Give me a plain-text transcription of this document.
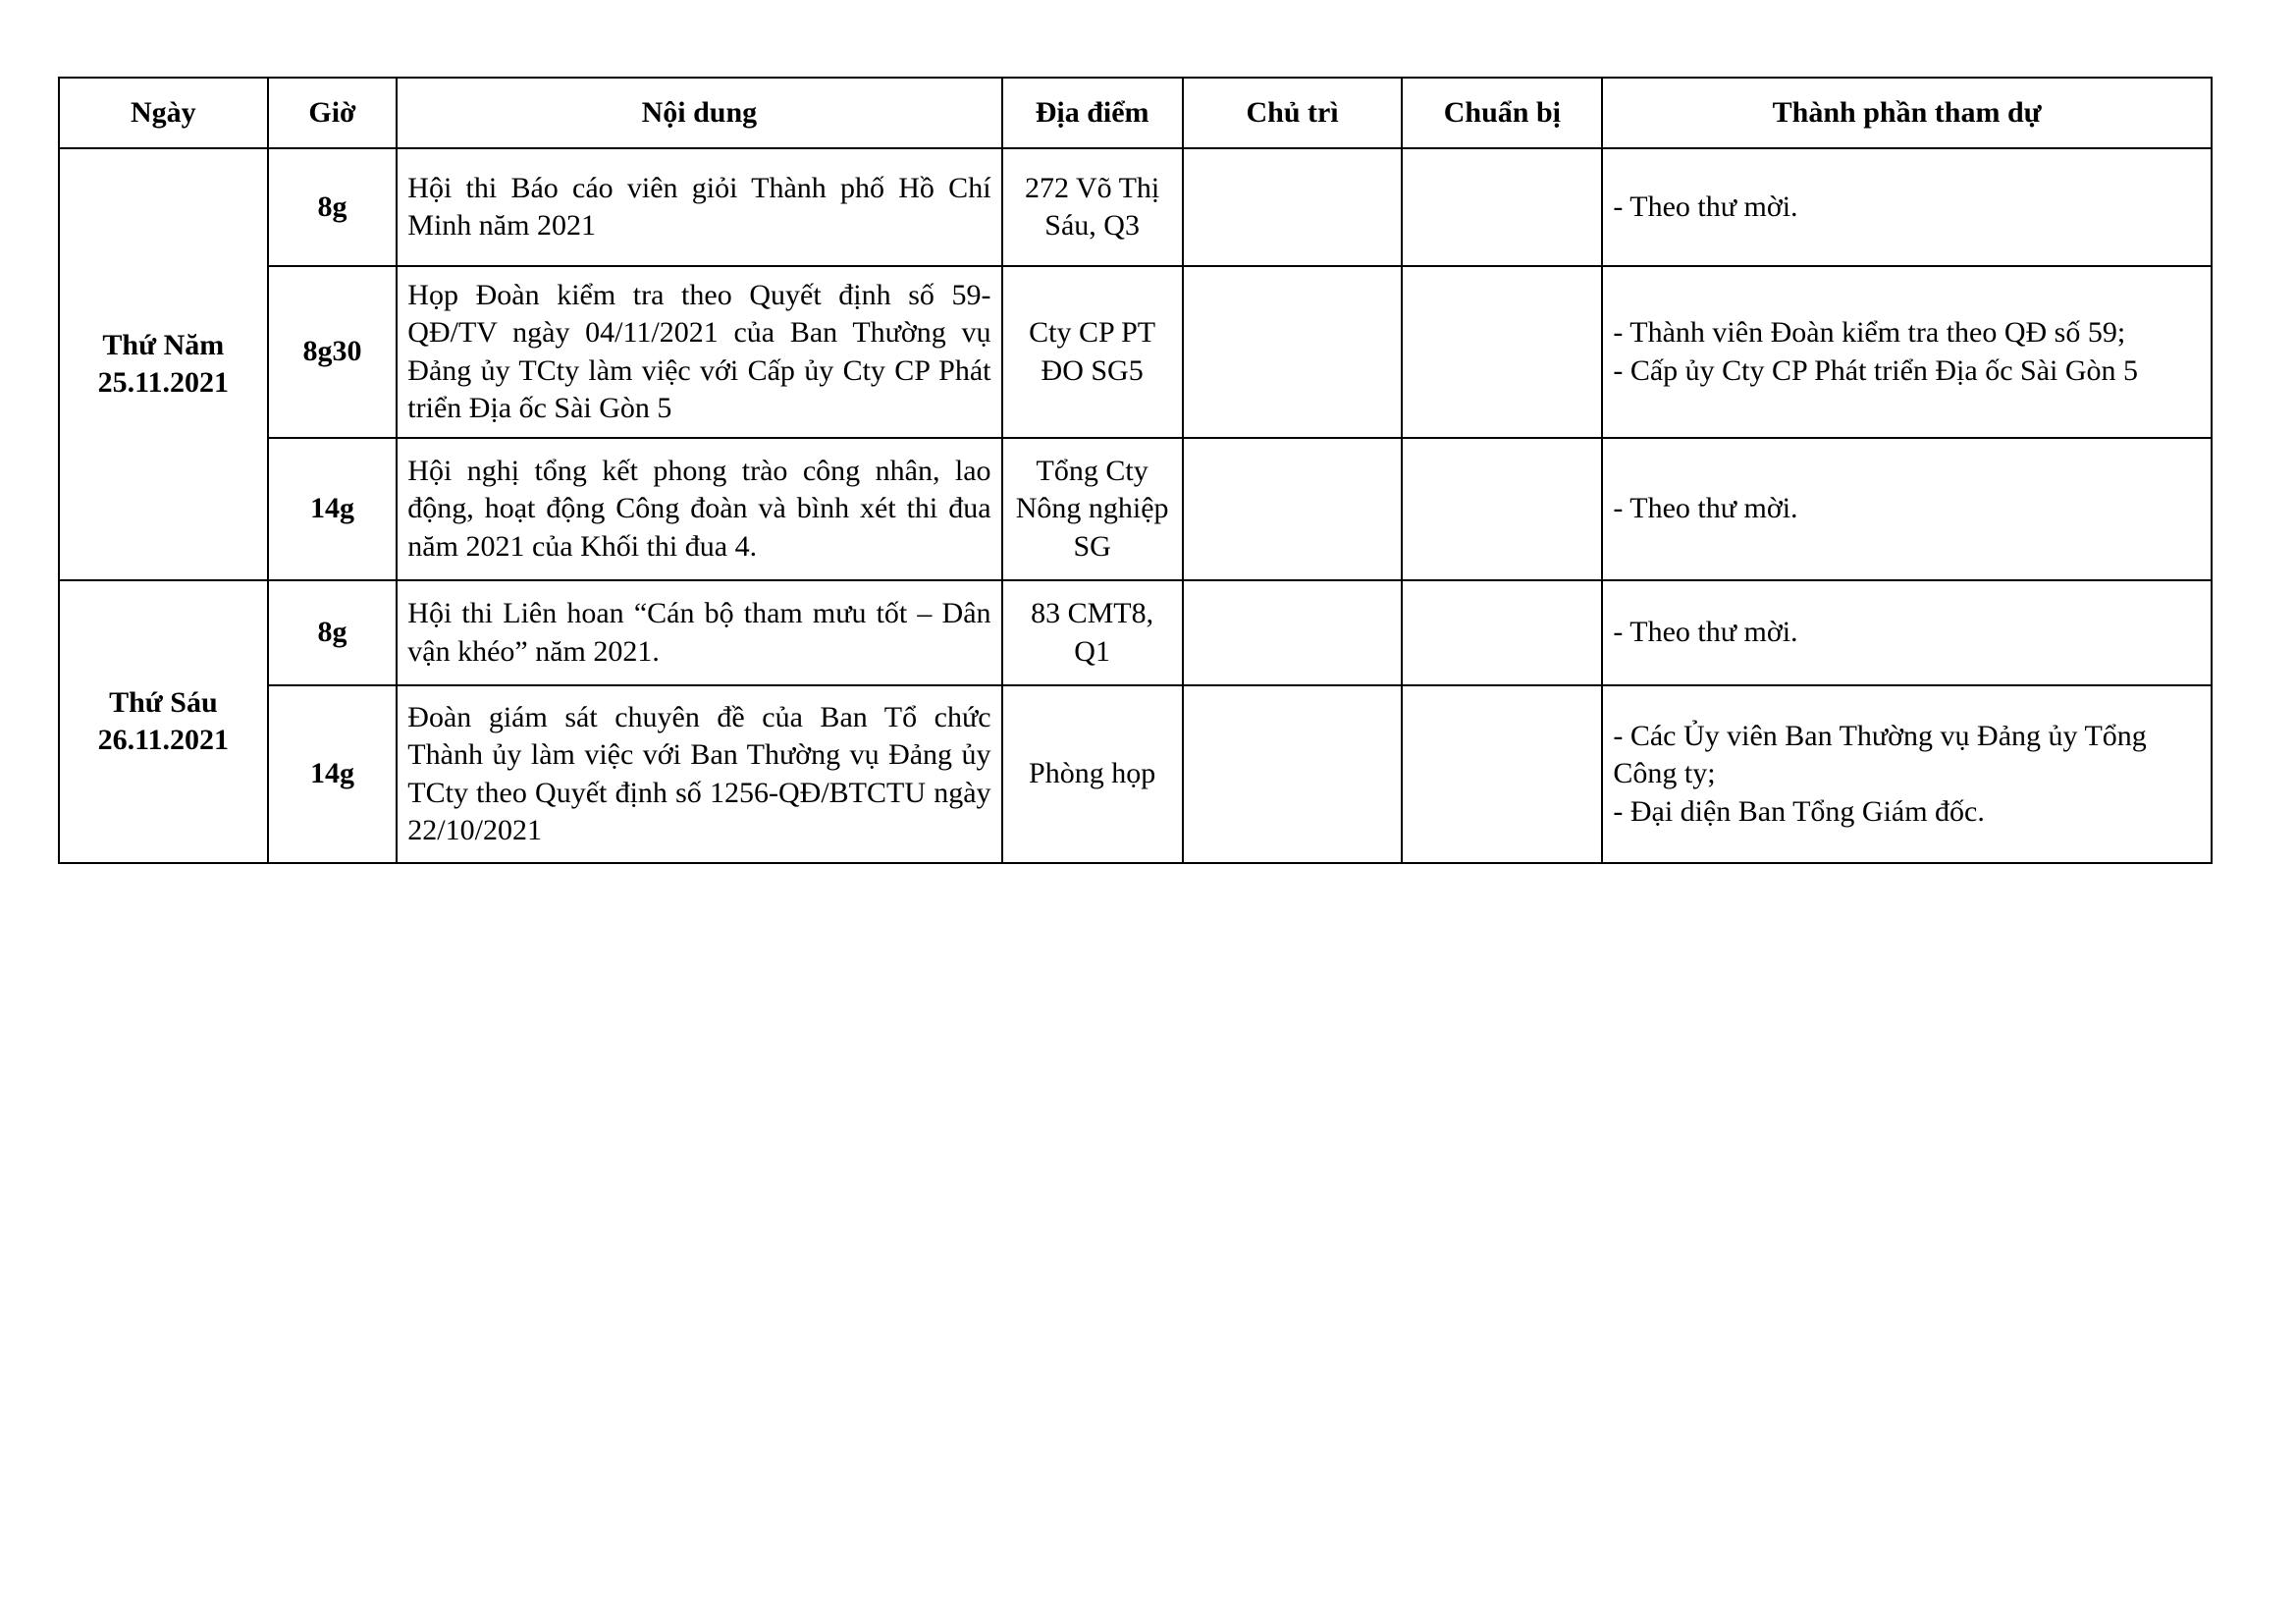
Ngày	Giờ	Nội dung	Địa điểm	Chủ trì	Chuẩn bị	Thành phần tham dự

Thứ Năm
25.11.2021	8g	Hội thi Báo cáo viên giỏi Thành phố Hồ Chí Minh năm 2021	272 Võ Thị Sáu, Q3			- Theo thư mời.

	8g30	Họp Đoàn kiểm tra theo Quyết định số 59-QĐ/TV ngày 04/11/2021 của Ban Thường vụ Đảng ủy TCty làm việc với Cấp ủy Cty CP Phát triển Địa ốc Sài Gòn 5	Cty CP PT ĐO SG5			- Thành viên Đoàn kiểm tra theo QĐ số 59;
- Cấp ủy Cty CP Phát triển Địa ốc Sài Gòn 5

	14g	Hội nghị tổng kết phong trào công nhân, lao động, hoạt động Công đoàn và bình xét thi đua năm 2021 của Khối thi đua 4.	Tổng Cty Nông nghiệp SG			- Theo thư mời.

Thứ Sáu
26.11.2021	8g	Hội thi Liên hoan “Cán bộ tham mưu tốt – Dân vận khéo” năm 2021.	83 CMT8, Q1			- Theo thư mời.

	14g	Đoàn giám sát chuyên đề của Ban Tổ chức Thành ủy làm việc với Ban Thường vụ Đảng ủy TCty theo Quyết định số 1256-QĐ/BTCTU ngày 22/10/2021	Phòng họp			- Các Ủy viên Ban Thường vụ Đảng ủy Tổng Công ty;
- Đại diện Ban Tổng Giám đốc.
